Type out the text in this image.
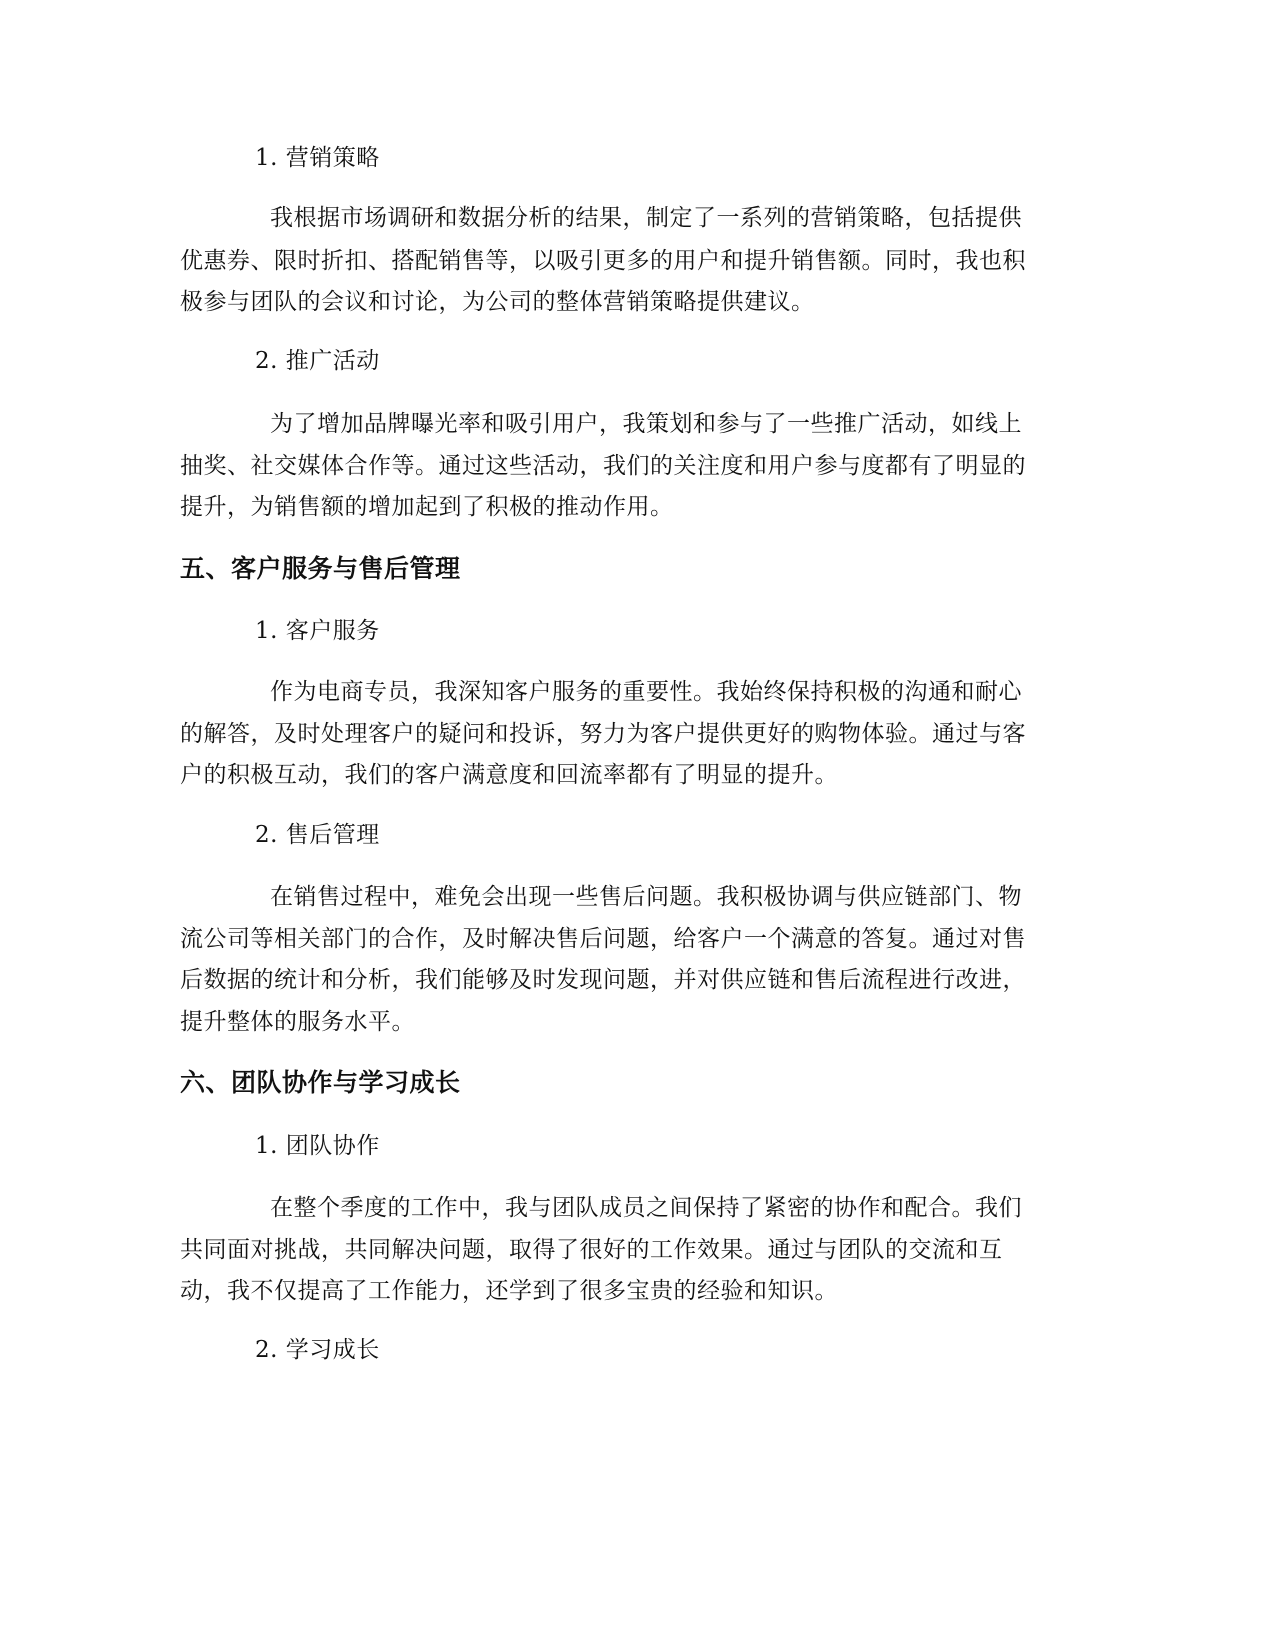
1. 营销策略
我根据市场调研和数据分析的结果，制定了一系列的营销策略，包括提供
优惠券、限时折扣、搭配销售等，以吸引更多的用户和提升销售额。同时，我也积
极参与团队的会议和讨论，为公司的整体营销策略提供建议。
2. 推广活动
为了增加品牌曝光率和吸引用户，我策划和参与了一些推广活动，如线上
抽奖、社交媒体合作等。通过这些活动，我们的关注度和用户参与度都有了明显的
提升，为销售额的增加起到了积极的推动作用。
五、客户服务与售后管理
1. 客户服务
作为电商专员，我深知客户服务的重要性。我始终保持积极的沟通和耐心
的解答，及时处理客户的疑问和投诉，努力为客户提供更好的购物体验。通过与客
户的积极互动，我们的客户满意度和回流率都有了明显的提升。
2. 售后管理
在销售过程中，难免会出现一些售后问题。我积极协调与供应链部门、物
流公司等相关部门的合作，及时解决售后问题，给客户一个满意的答复。通过对售
后数据的统计和分析，我们能够及时发现问题，并对供应链和售后流程进行改进，
提升整体的服务水平。
六、团队协作与学习成长
1. 团队协作
在整个季度的工作中，我与团队成员之间保持了紧密的协作和配合。我们
共同面对挑战，共同解决问题，取得了很好的工作效果。通过与团队的交流和互
动，我不仅提高了工作能力，还学到了很多宝贵的经验和知识。
2. 学习成长
